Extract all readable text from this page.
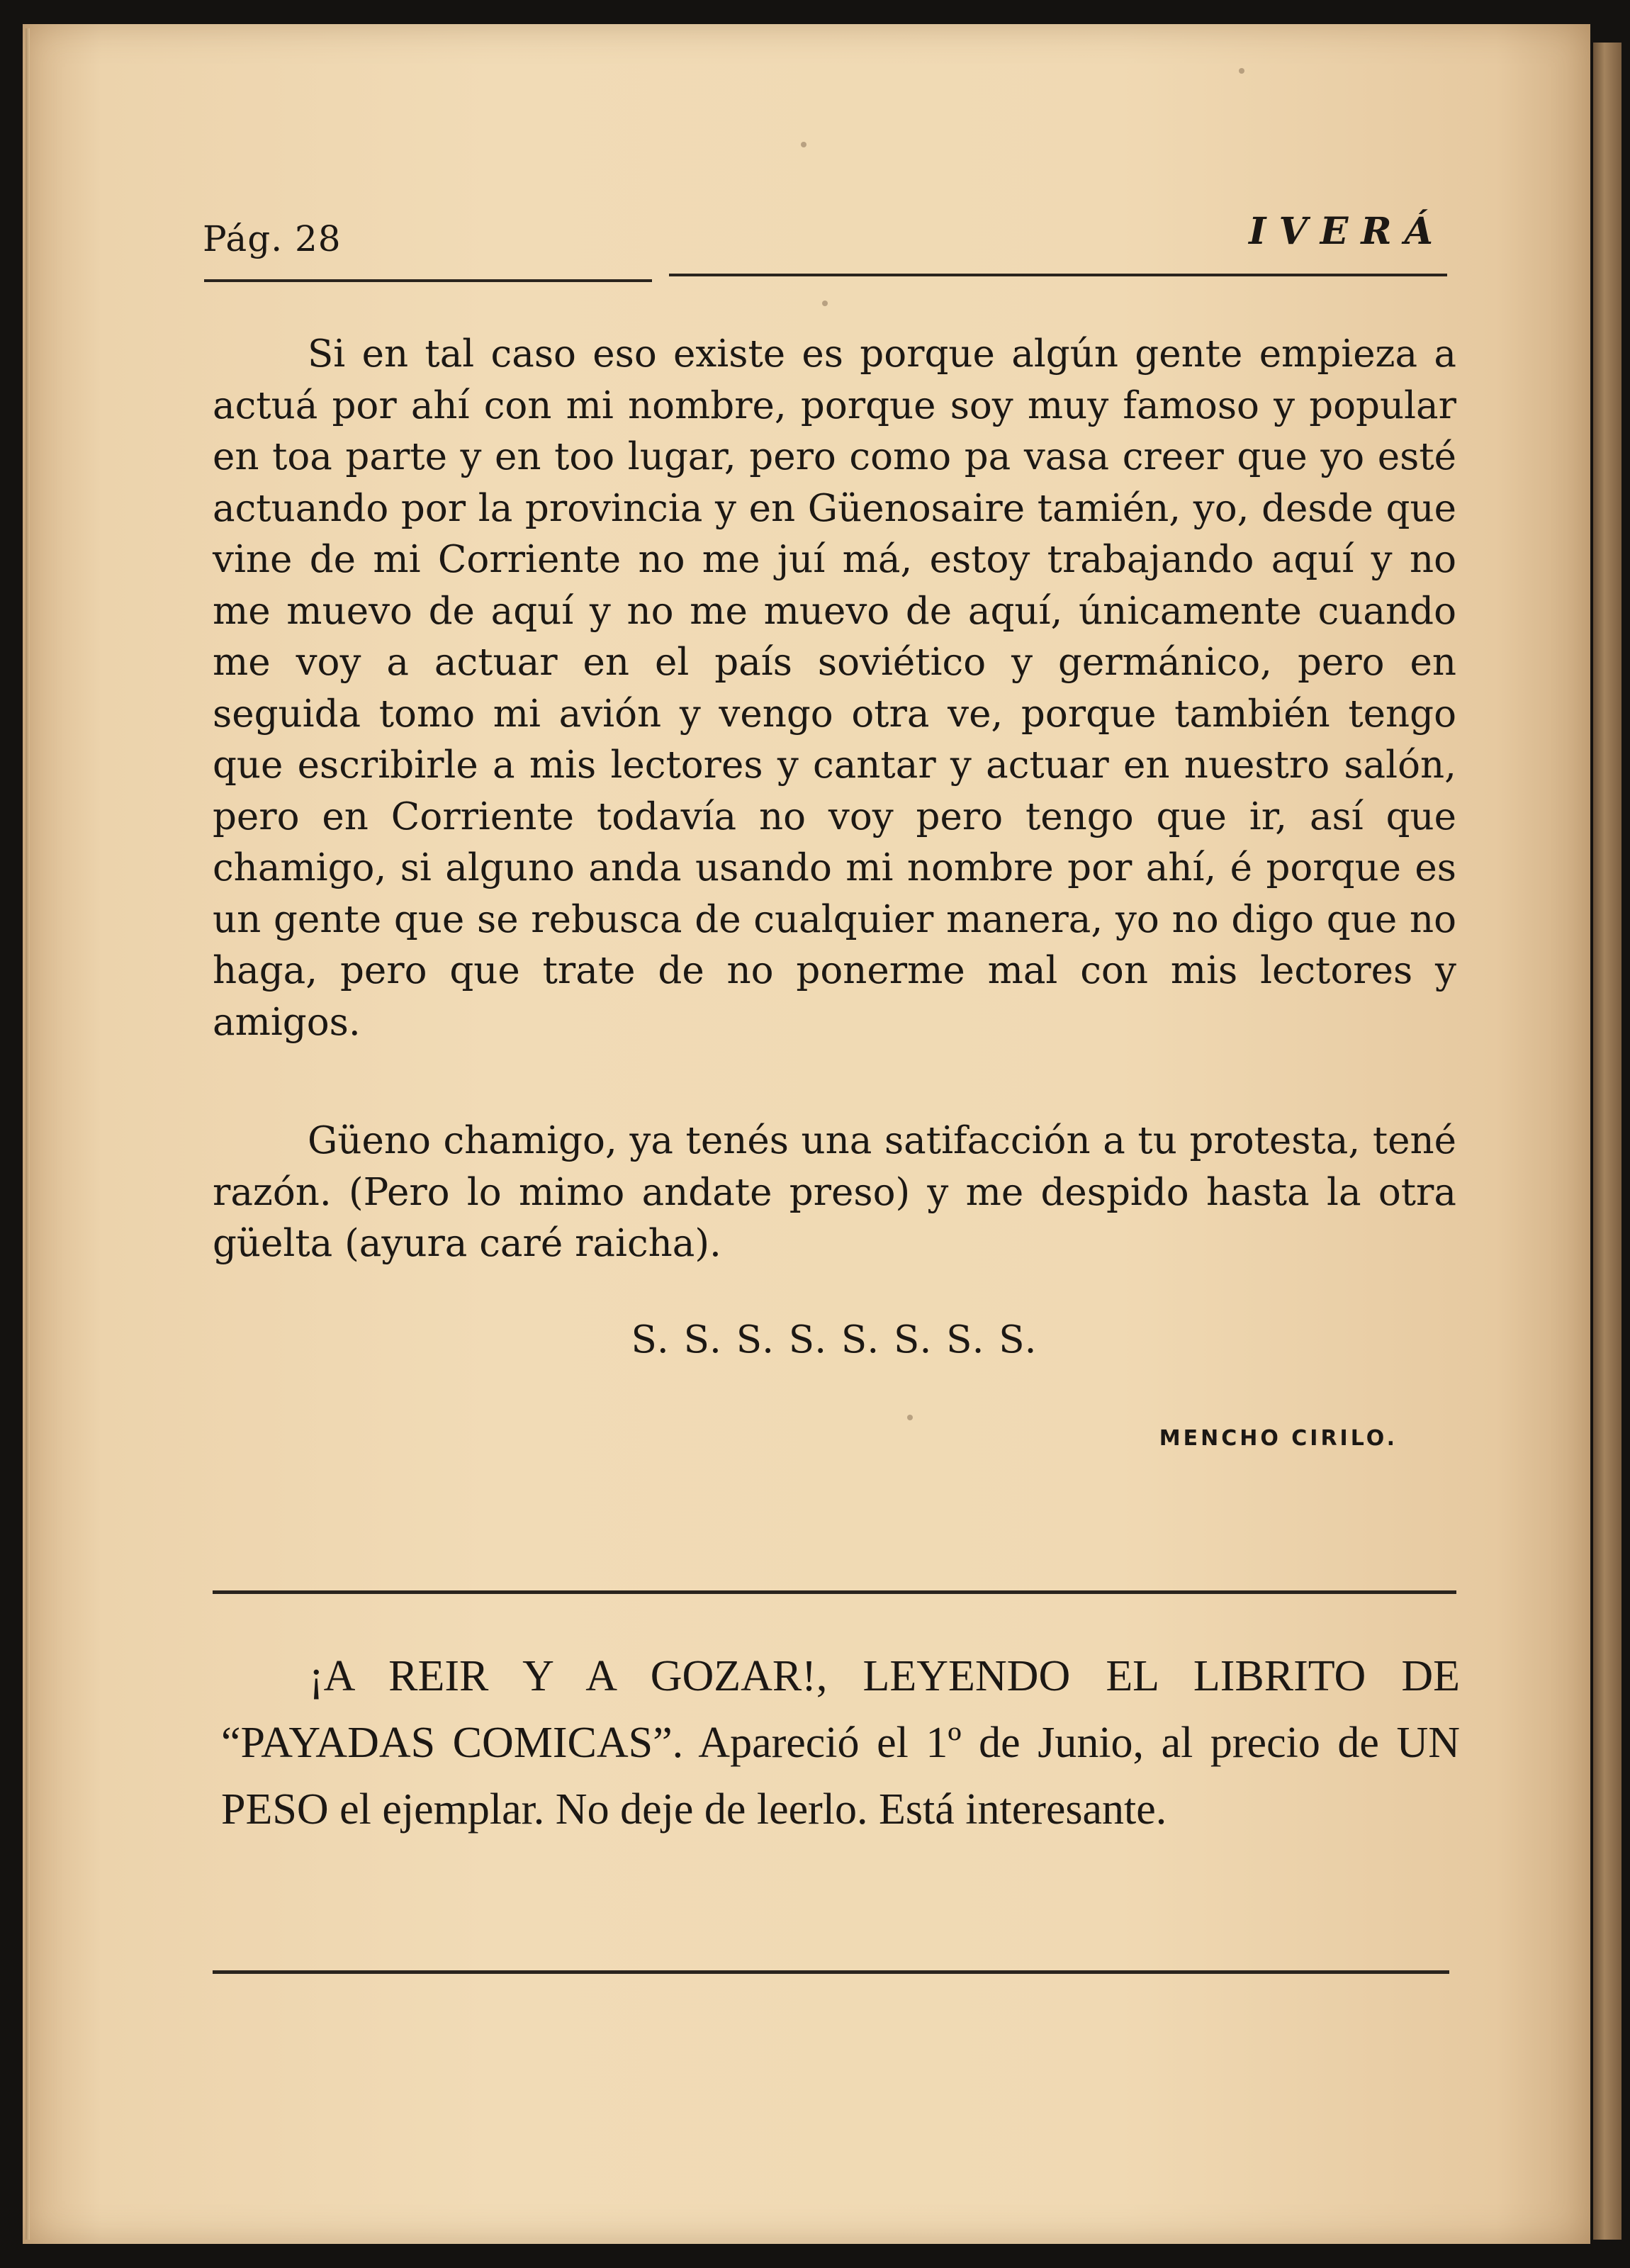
Pág. 28	IVERÁ

Si en tal caso eso existe es porque algún gente empieza a actuá por ahí con mi nombre, porque soy muy famoso y popular en toa parte y en too lugar, pero como pa vasa creer que yo esté actuando por la provincia y en Güenosaire tamién, yo, desde que vine de mi Corriente no me juí má, estoy trabajando aquí y no me muevo de aquí y no me muevo de aquí, únicamente cuando me voy a actuar en el país soviético y germánico, pero en seguida tomo mi avión y vengo otra ve, porque también tengo que escribirle a mis lectores y cantar y actuar en nuestro salón, pero en Corriente todavía no voy pero tengo que ir, así que chamigo, si alguno anda usando mi nombre por ahí, é porque es un gente que se rebusca de cualquier manera, yo no digo que no haga, pero que trate de no ponerme mal con mis lectores y amigos.

Güeno chamigo, ya tenés una satifacción a tu protesta, tené razón. (Pero lo mimo andate preso) y me despido hasta la otra güelta (ayura caré raicha).

S. S. S. S. S. S. S. S.
MENCHO CIRILO.

¡A REIR Y A GOZAR!, LEYENDO EL LIBRITO DE “PAYADAS COMICAS”. Apareció el 1º de Junio, al precio de UN PESO el ejemplar. No deje de leerlo. Está interesante.
